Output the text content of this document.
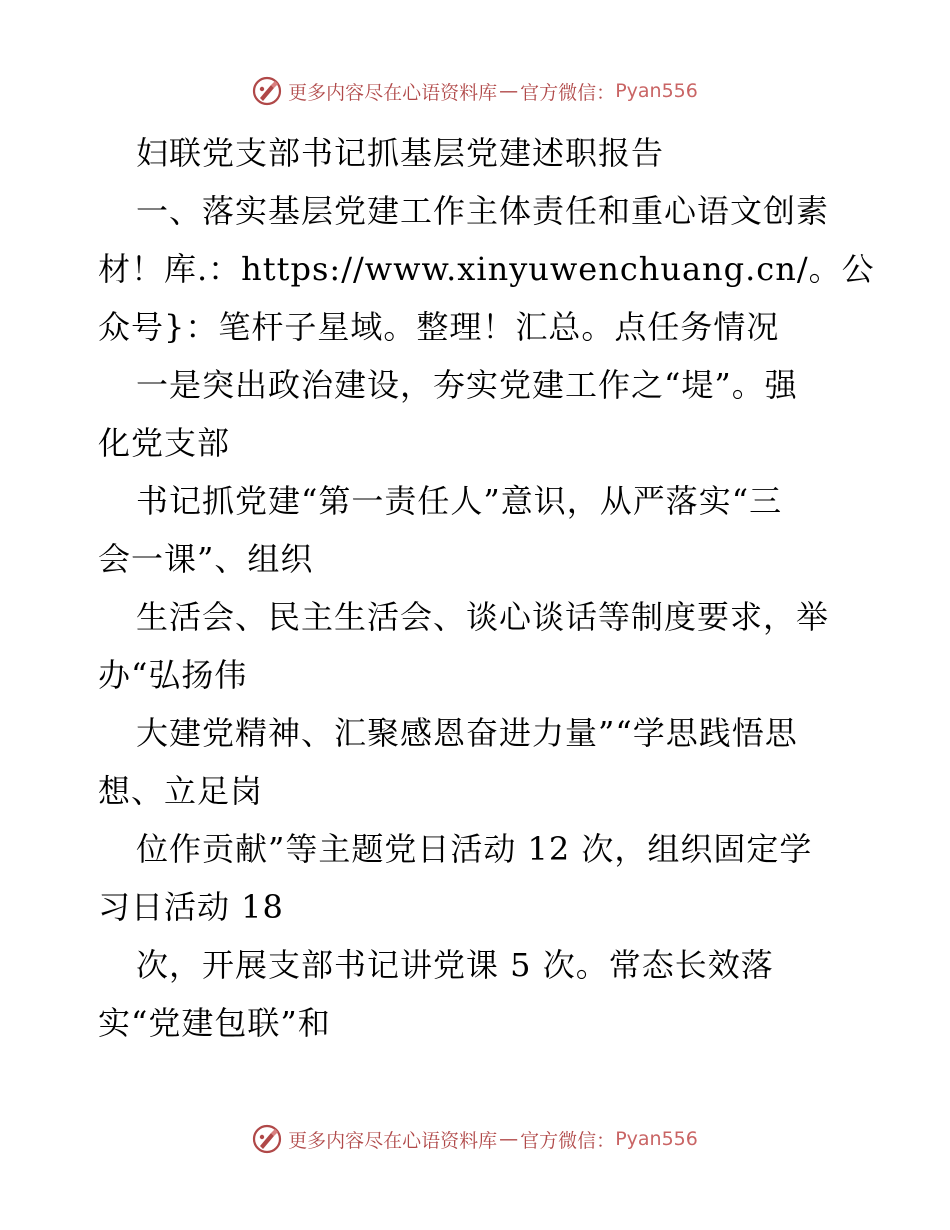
更多内容尽在心语资料库 — 官方微信： Pyan556
妇联党支部书记抓基层党建述职报告
一、落实基层党建工作主体责任和重心语文创素
材！库.：https://www.xinyuwenchuang.cn/。公
众号}：笔杆子星域。整理！汇总。点任务情况
一是突出政治建设，夯实党建工作之“堤”。强
化党支部
书记抓党建“第一责任人”意识，从严落实“三
会一课”、组织
生活会、民主生活会、谈心谈话等制度要求，举
办“弘扬伟
大建党精神、汇聚感恩奋进力量”“学思践悟思
想、立足岗
位作贡献”等主题党日活动 12 次，组织固定学
习日活动 18
次，开展支部书记讲党课 5 次。常态长效落
实“党建包联”和
更多内容尽在心语资料库 — 官方微信： Pyan556
